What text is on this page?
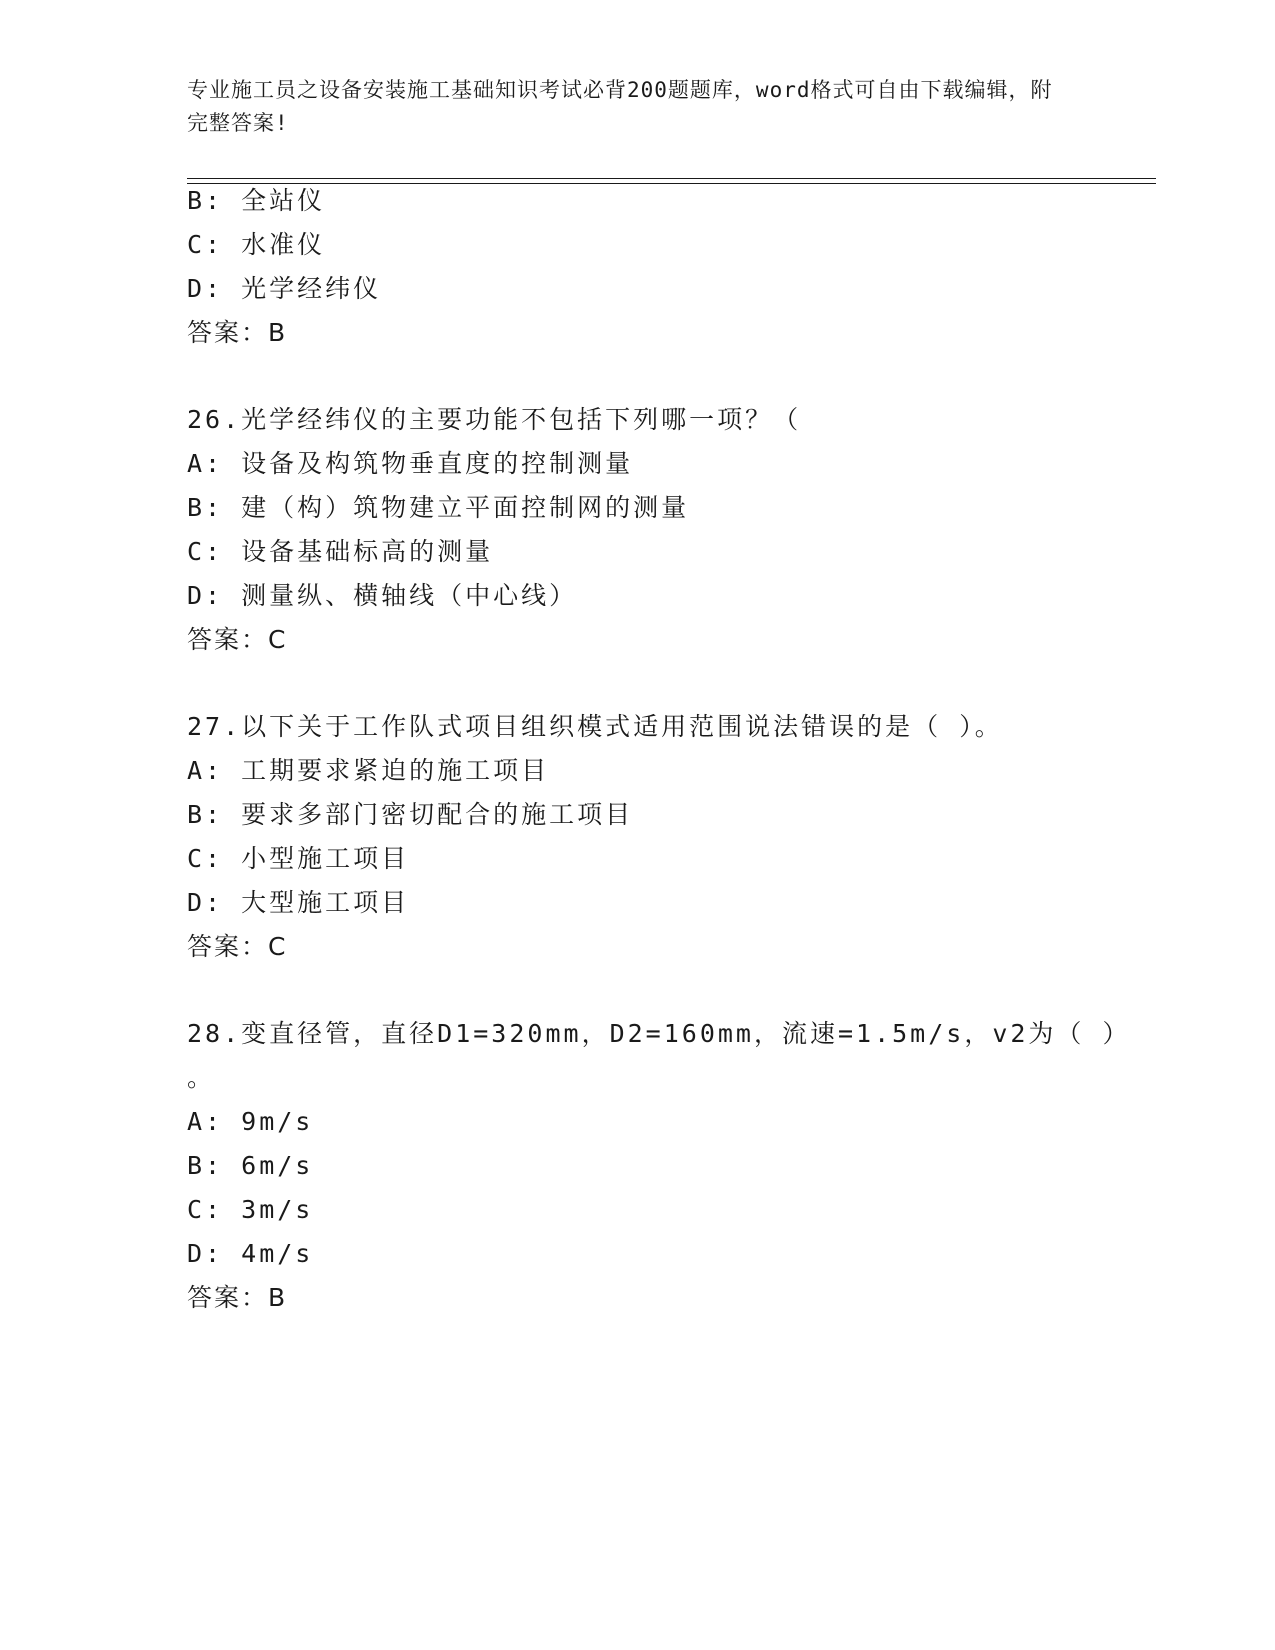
专业施工员之设备安装施工基础知识考试必背200题题库，word格式可自由下载编辑，附完整答案!
B: 全站仪
C: 水准仪
D: 光学经纬仪
答案：B
26.光学经纬仪的主要功能不包括下列哪一项？（
A: 设备及构筑物垂直度的控制测量
B: 建（构）筑物建立平面控制网的测量
C: 设备基础标高的测量
D: 测量纵、横轴线（中心线）
答案：C
27.以下关于工作队式项目组织模式适用范围说法错误的是（ ）。
A: 工期要求紧迫的施工项目
B: 要求多部门密切配合的施工项目
C: 小型施工项目
D: 大型施工项目
答案：C
28.变直径管，直径D1=320mm，D2=160mm，流速=1.5m/s，v2为（ ）
。
A: 9m/s
B: 6m/s
C: 3m/s
D: 4m/s
答案：B
